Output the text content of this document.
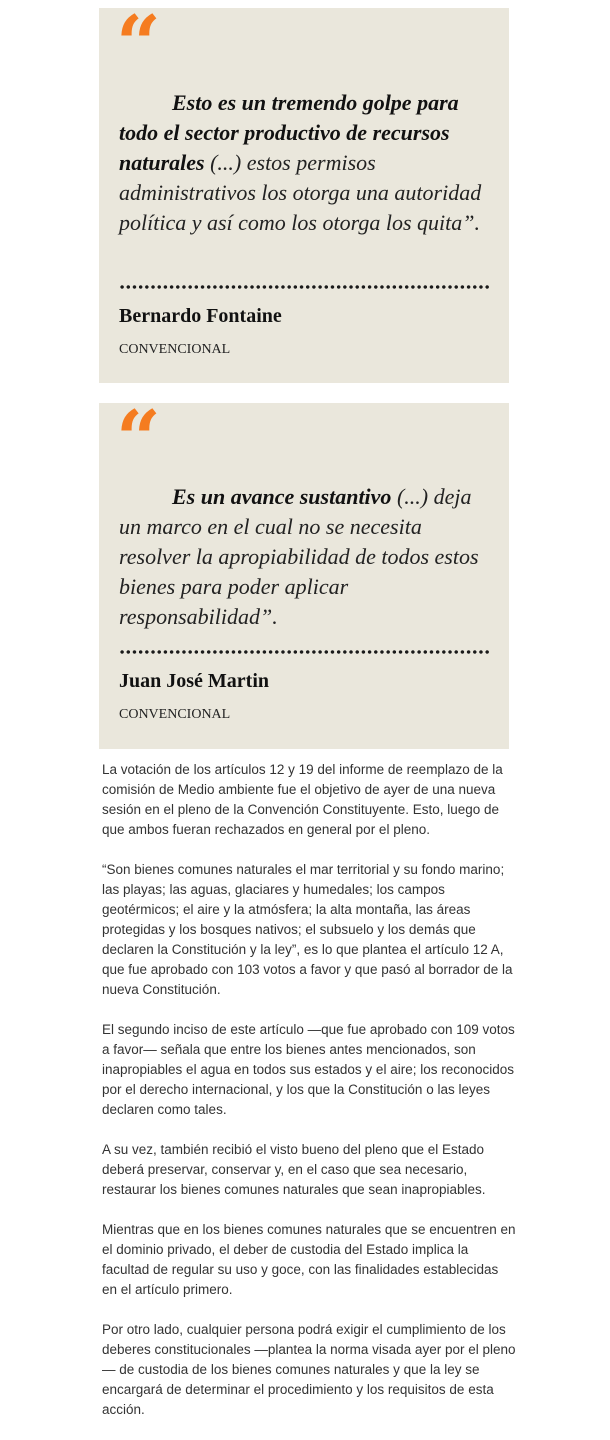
“

Esto es un tremendo golpe para todo el sector productivo de recursos naturales (...) estos permisos administrativos los otorga una autoridad política y así como los otorga los quita”.

Bernardo Fontaine

CONVENCIONAL

“

Es un avance sustantivo (...) deja un marco en el cual no se necesita resolver la apropiabilidad de todos estos bienes para poder aplicar responsabilidad”.

Juan José Martin

CONVENCIONAL

La votación de los artículos 12 y 19 del informe de reemplazo de la comisión de Medio ambiente fue el objetivo de ayer de una nueva sesión en el pleno de la Convención Constituyente. Esto, luego de que ambos fueran rechazados en general por el pleno.

“Son bienes comunes naturales el mar territorial y su fondo marino; las playas; las aguas, glaciares y humedales; los campos geotérmicos; el aire y la atmósfera; la alta montaña, las áreas protegidas y los bosques nativos; el subsuelo y los demás que declaren la Constitución y la ley”, es lo que plantea el artículo 12 A, que fue aprobado con 103 votos a favor y que pasó al borrador de la nueva Constitución.

El segundo inciso de este artículo —que fue aprobado con 109 votos a favor— señala que entre los bienes antes mencionados, son inapropiables el agua en todos sus estados y el aire; los reconocidos por el derecho internacional, y los que la Constitución o las leyes declaren como tales.

A su vez, también recibió el visto bueno del pleno que el Estado deberá preservar, conservar y, en el caso que sea necesario, restaurar los bienes comunes naturales que sean inapropiables.

Mientras que en los bienes comunes naturales que se encuentren en el dominio privado, el deber de custodia del Estado implica la facultad de regular su uso y goce, con las finalidades establecidas en el artículo primero.

Por otro lado, cualquier persona podrá exigir el cumplimiento de los deberes constitucionales —plantea la norma visada ayer por el pleno— de custodia de los bienes comunes naturales y que la ley se encargará de determinar el procedimiento y los requisitos de esta acción.
